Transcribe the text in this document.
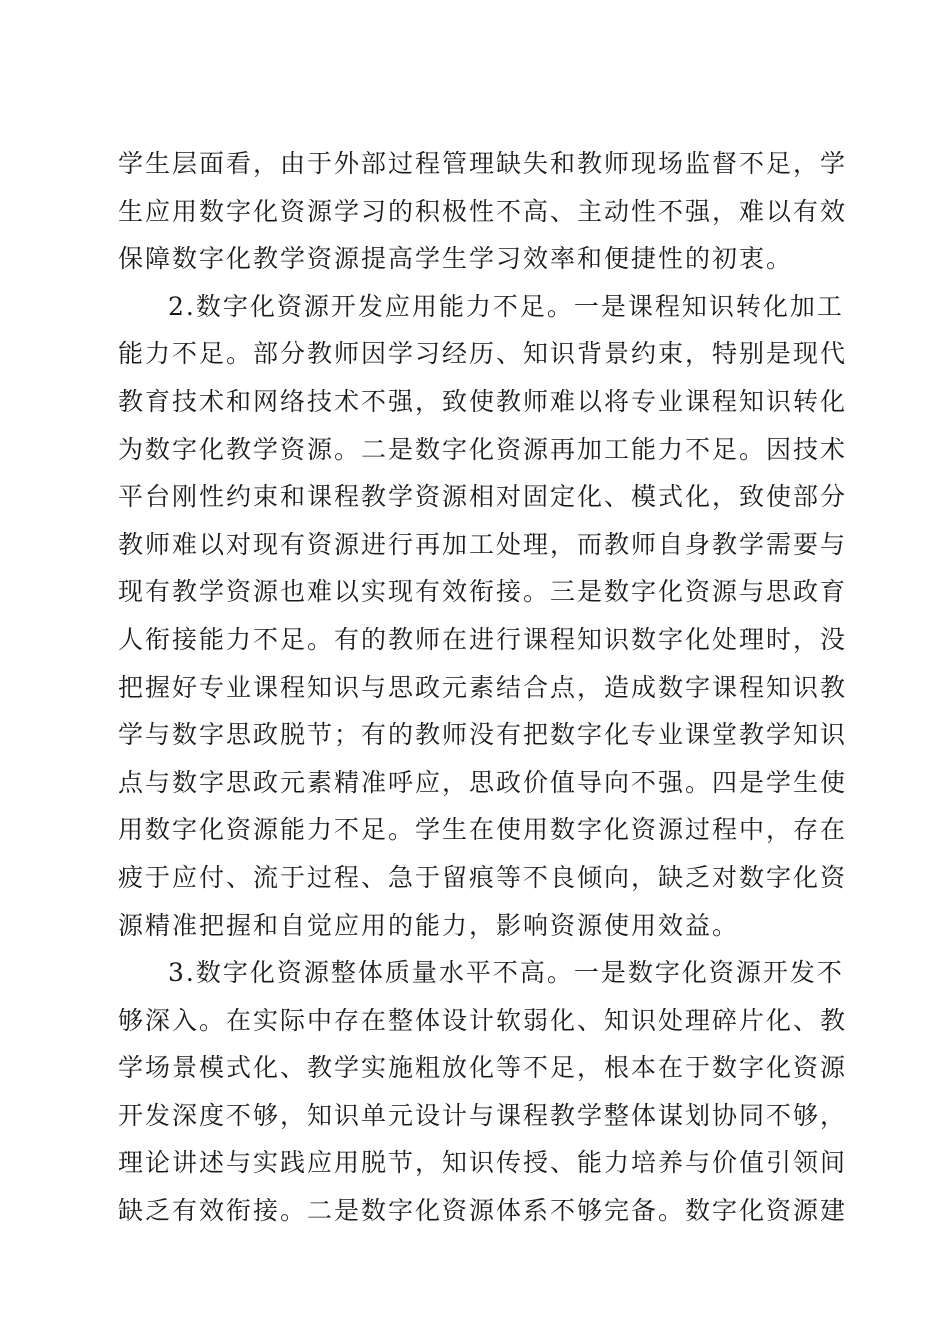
学生层面看，由于外部过程管理缺失和教师现场监督不足，学
生应用数字化资源学习的积极性不高、主动性不强，难以有效
保障数字化教学资源提高学生学习效率和便捷性的初衷。
2.数字化资源开发应用能力不足。一是课程知识转化加工
能力不足。部分教师因学习经历、知识背景约束，特别是现代
教育技术和网络技术不强，致使教师难以将专业课程知识转化
为数字化教学资源。二是数字化资源再加工能力不足。因技术
平台刚性约束和课程教学资源相对固定化、模式化，致使部分
教师难以对现有资源进行再加工处理，而教师自身教学需要与
现有教学资源也难以实现有效衔接。三是数字化资源与思政育
人衔接能力不足。有的教师在进行课程知识数字化处理时，没
把握好专业课程知识与思政元素结合点，造成数字课程知识教
学与数字思政脱节；有的教师没有把数字化专业课堂教学知识
点与数字思政元素精准呼应，思政价值导向不强。四是学生使
用数字化资源能力不足。学生在使用数字化资源过程中，存在
疲于应付、流于过程、急于留痕等不良倾向，缺乏对数字化资
源精准把握和自觉应用的能力，影响资源使用效益。
3.数字化资源整体质量水平不高。一是数字化资源开发不
够深入。在实际中存在整体设计软弱化、知识处理碎片化、教
学场景模式化、教学实施粗放化等不足，根本在于数字化资源
开发深度不够，知识单元设计与课程教学整体谋划协同不够，
理论讲述与实践应用脱节，知识传授、能力培养与价值引领间
缺乏有效衔接。二是数字化资源体系不够完备。数字化资源建
